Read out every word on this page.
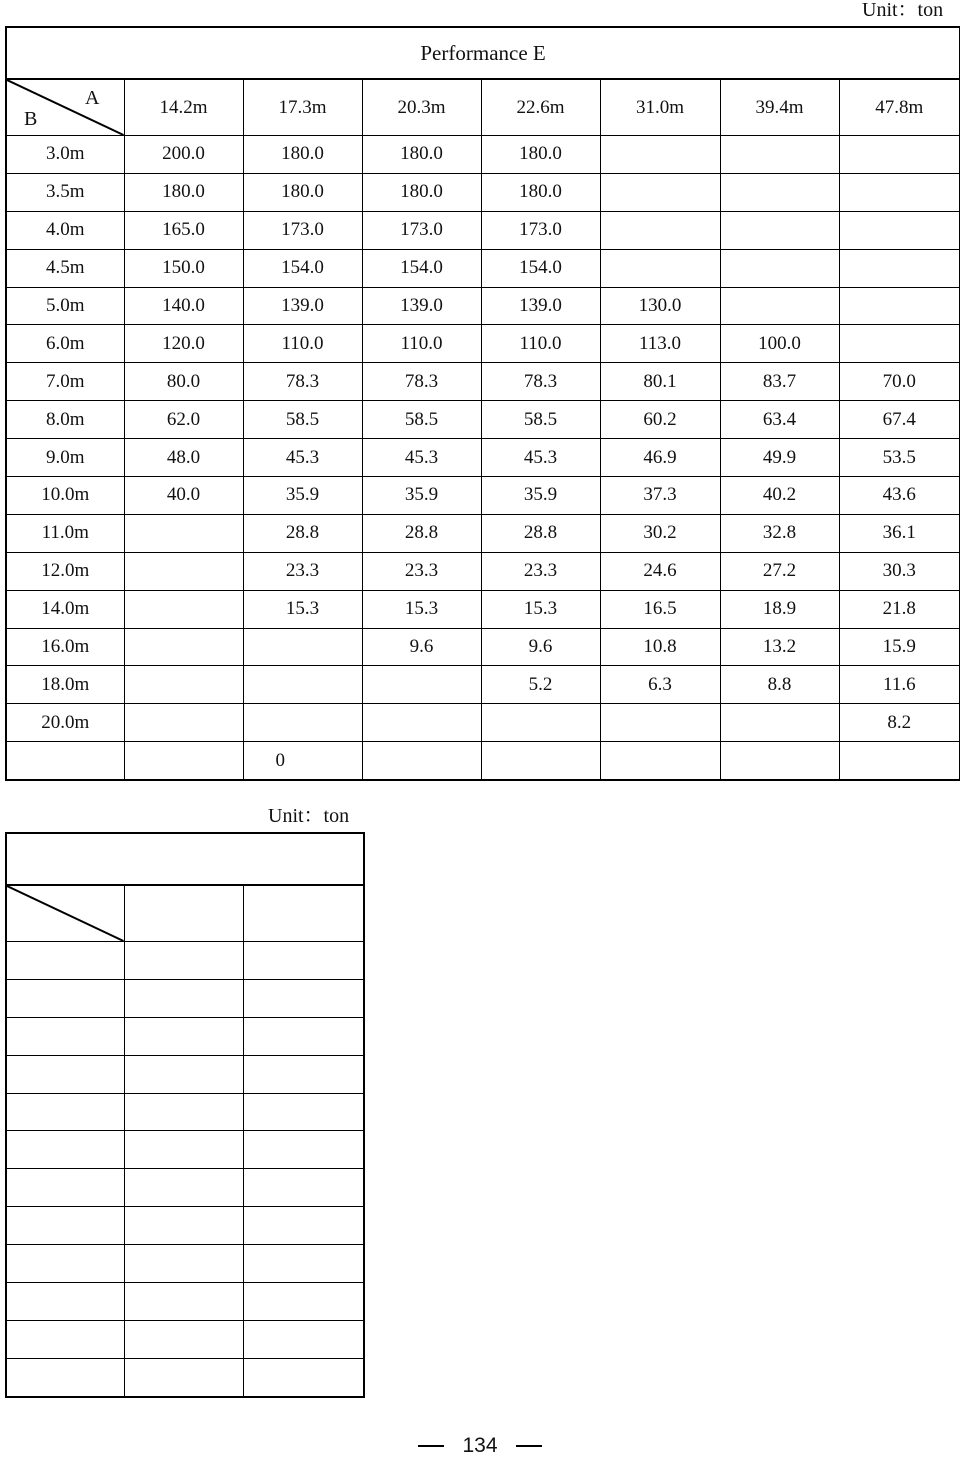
Unit：ton
Performance E							

A
B	14.2m	17.3m	20.3m	22.6m	31.0m	39.4m	47.8m
3.0m	200.0	180.0	180.0	180.0			
3.5m	180.0	180.0	180.0	180.0			
4.0m	165.0	173.0	173.0	173.0			
4.5m	150.0	154.0	154.0	154.0			
5.0m	140.0	139.0	139.0	139.0	130.0		
6.0m	120.0	110.0	110.0	110.0	113.0	100.0	
7.0m	80.0	78.3	78.3	78.3	80.1	83.7	70.0
8.0m	62.0	58.5	58.5	58.5	60.2	63.4	67.4
9.0m	48.0	45.3	45.3	45.3	46.9	49.9	53.5
10.0m	40.0	35.9	35.9	35.9	37.3	40.2	43.6
11.0m		28.8	28.8	28.8	30.2	32.8	36.1
12.0m		23.3	23.3	23.3	24.6	27.2	30.3
14.0m		15.3	15.3	15.3	16.5	18.9	21.8
16.0m			9.6	9.6	10.8	13.2	15.9
18.0m				5.2	6.3	8.8	11.6
20.0m							8.2

		0					

Unit：ton

134
